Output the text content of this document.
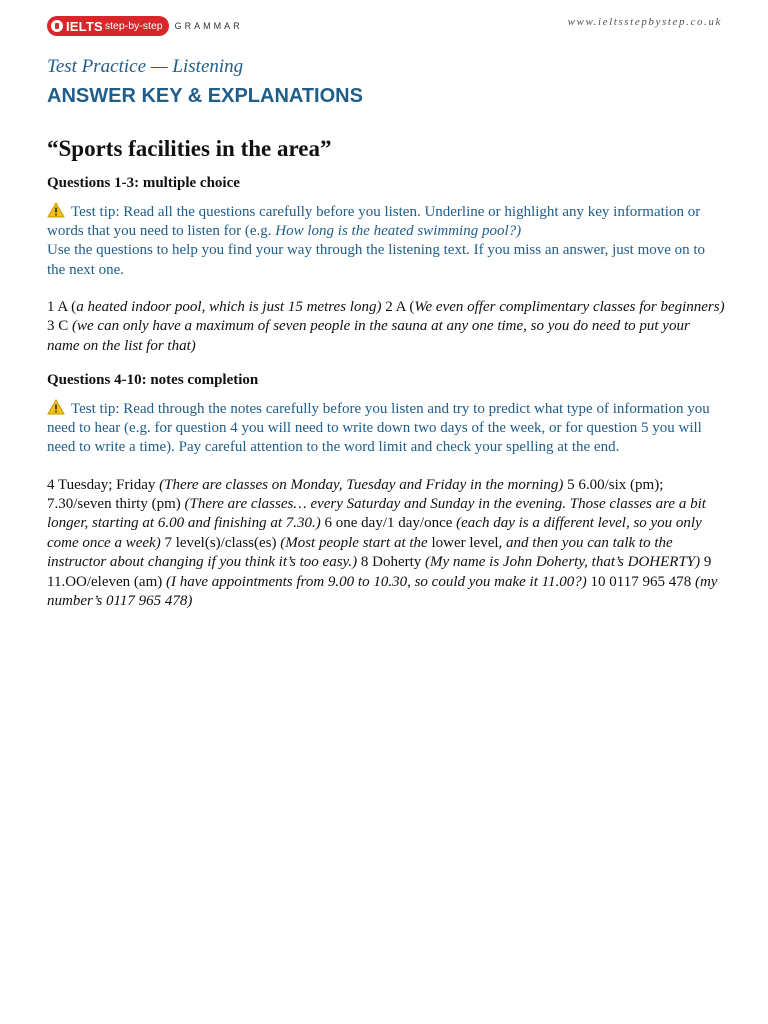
IELTS step-by-step GRAMMAR	www.ieltsstepbystep.co.uk

Test Practice — Listening

ANSWER KEY & EXPLANATIONS
“Sports facilities in the area”
Questions 1-3: multiple choice
Test tip: Read all the questions carefully before you listen. Underline or highlight any key information or words that you need to listen for (e.g. How long is the heated swimming pool?)
Use the questions to help you find your way through the listening text. If you miss an answer, just move on to the next one.
1 A (a heated indoor pool, which is just 15 metres long) 2 A (We even offer complimentary classes for beginners) 3 C (we can only have a maximum of seven people in the sauna at any one time, so you do need to put your name on the list for that)
Questions 4-10: notes completion
Test tip: Read through the notes carefully before you listen and try to predict what type of information you need to hear (e.g. for question 4 you will need to write down two days of the week, or for question 5 you will need to write a time). Pay careful attention to the word limit and check your spelling at the end.
4 Tuesday; Friday (There are classes on Monday, Tuesday and Friday in the morning) 5 6.00/six (pm); 7.30/seven thirty (pm) (There are classes… every Saturday and Sunday in the evening. Those classes are a bit longer, starting at 6.00 and finishing at 7.30.) 6 one day/1 day/once (each day is a different level, so you only come once a week) 7 level(s)/class(es) (Most people start at the lower level, and then you can talk to the instructor about changing if you think it’s too easy.) 8 Doherty (My name is John Doherty, that’s DOHERTY) 9 11.OO/eleven (am) (I have appointments from 9.00 to 10.30, so could you make it 11.00?) 10 0117 965 478 (my number’s 0117 965 478)
